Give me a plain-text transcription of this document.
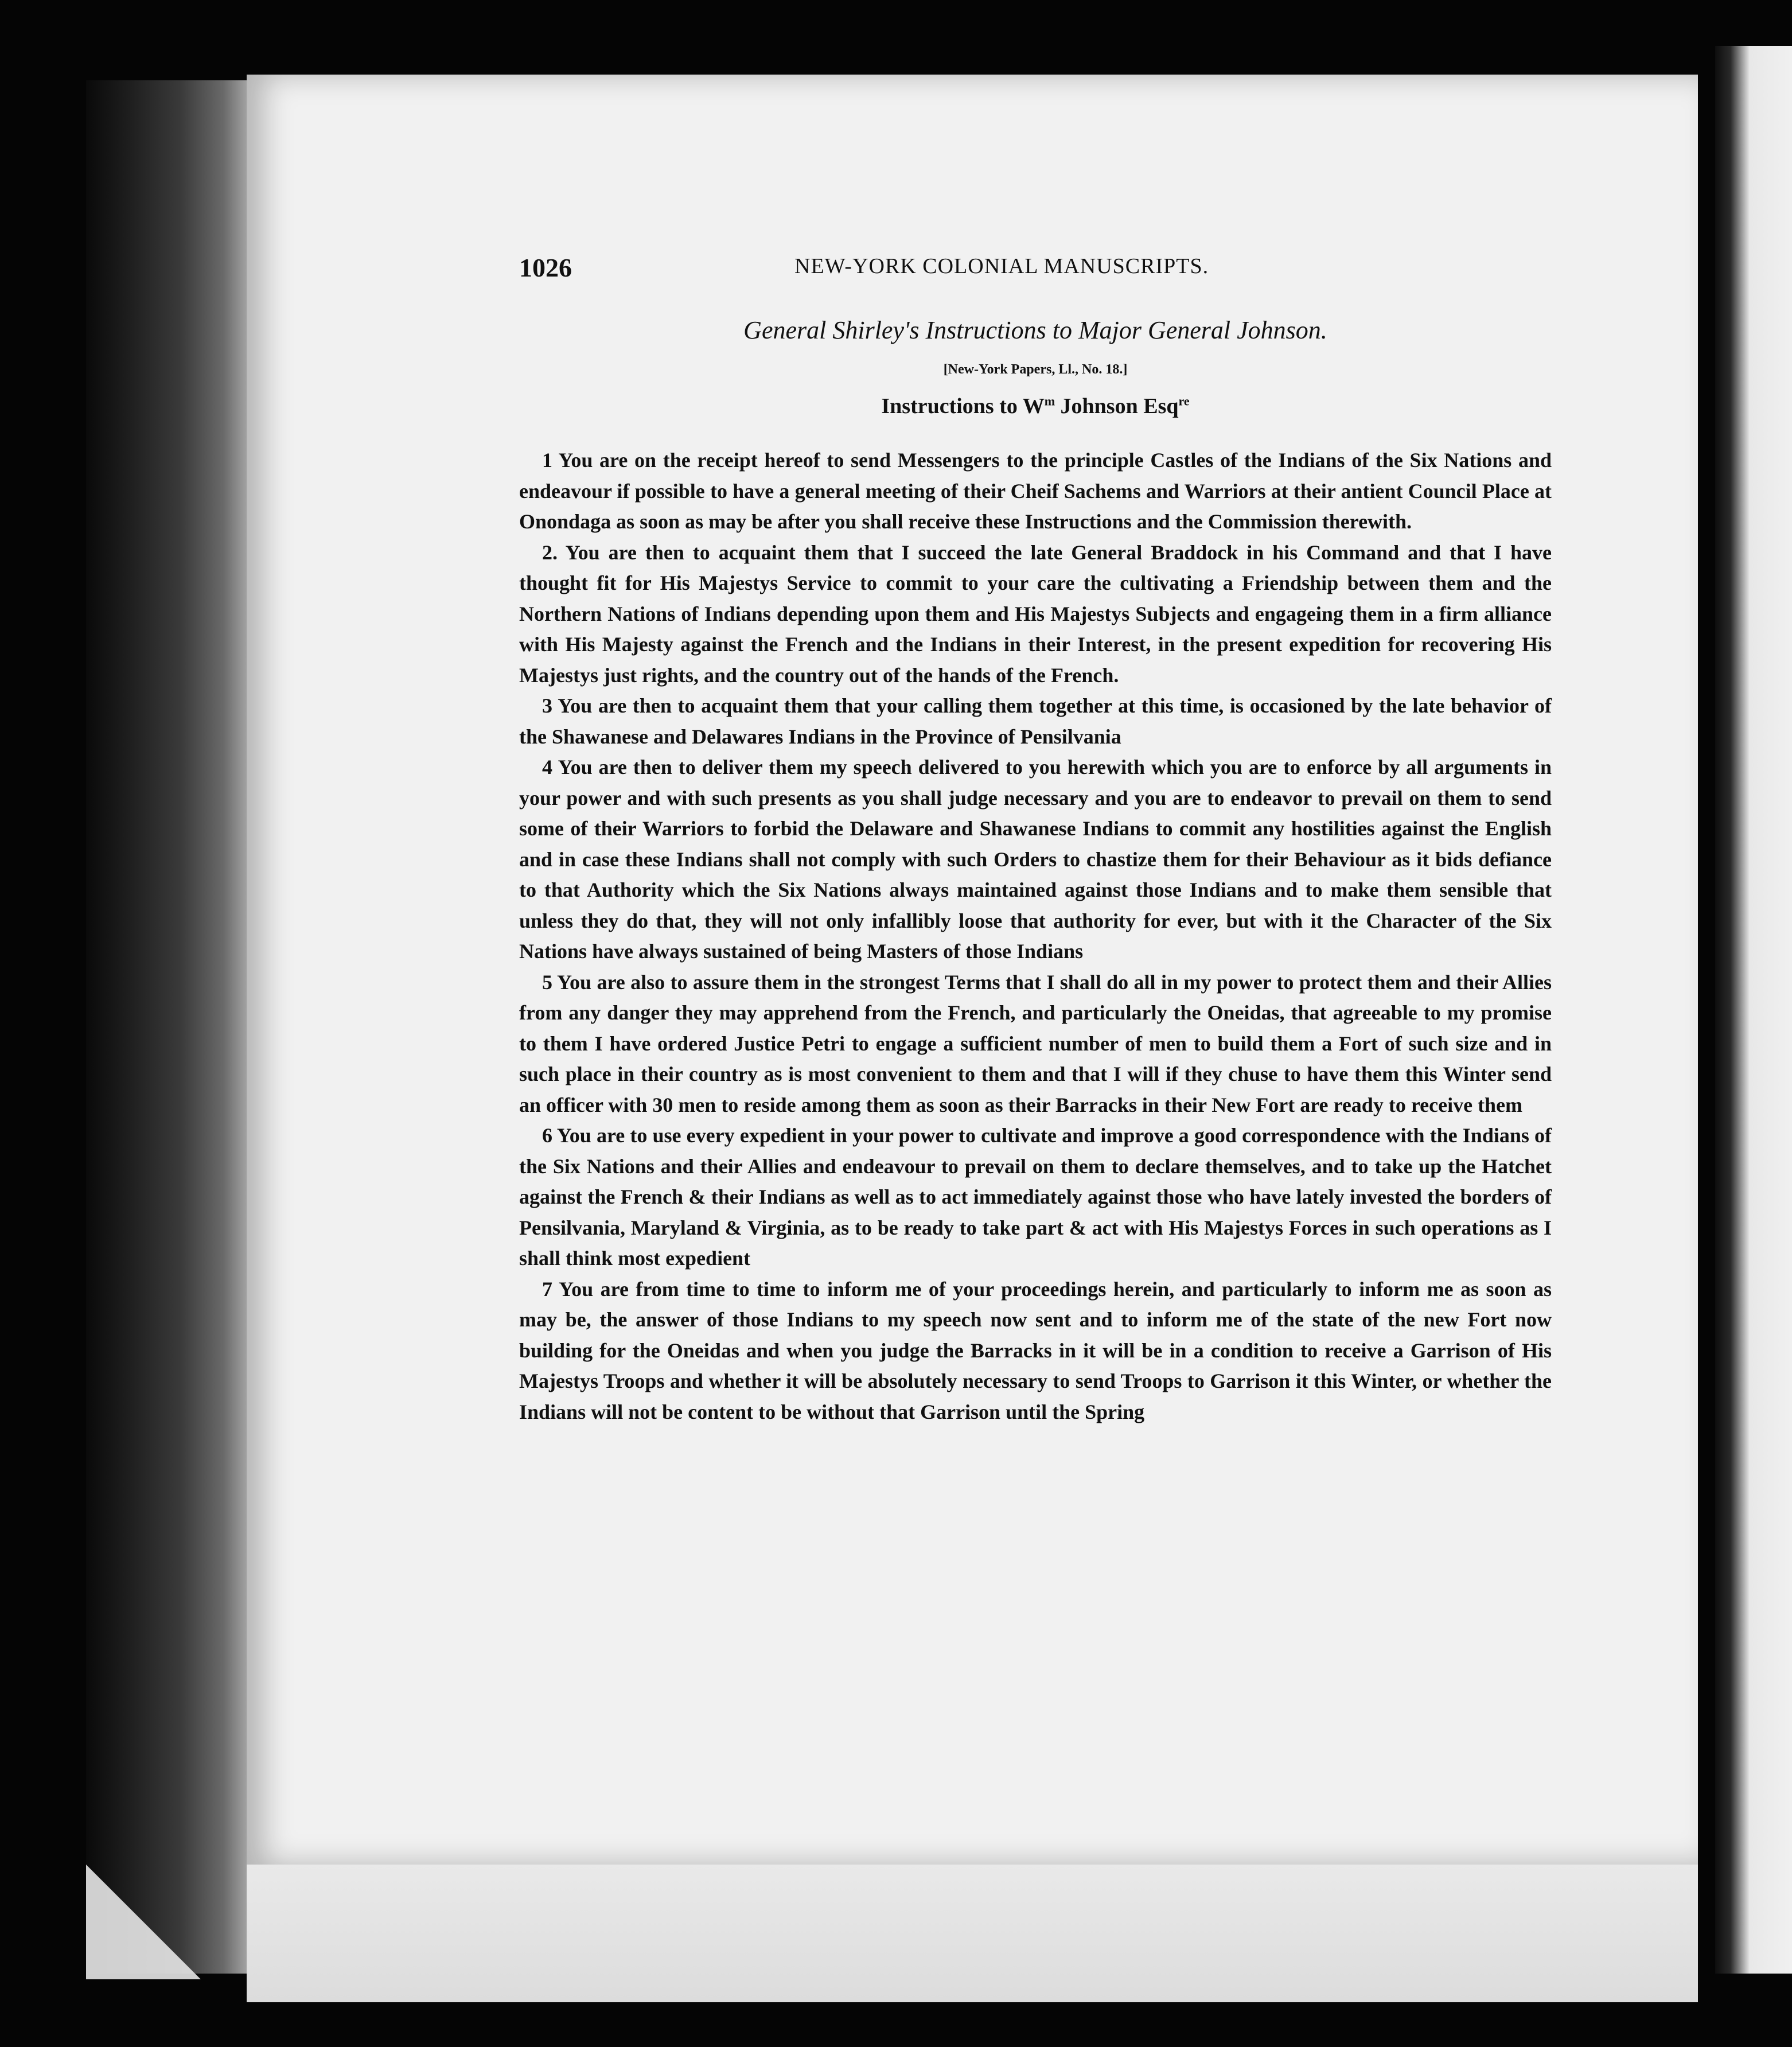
1026	NEW-YORK COLONIAL MANUSCRIPTS.
General Shirley's Instructions to Major General Johnson.
[New-York Papers, Ll., No. 18.]
Instructions to $W^m$ Johnson Esq$^{re}$

1 You are on the receipt hereof to send Messengers to the principle Castles of the Indians of the Six Nations and endeavour if possible to have a general meeting of their Cheif Sachems and Warriors at their antient Council Place at Onondaga as soon as may be after you shall receive these Instructions and the Commission therewith.

2. You are then to acquaint them that I succeed the late General Braddock in his Command and that I have thought fit for His Majestys Service to commit to your care the cultivating a Friendship between them and the Northern Nations of Indians depending upon them and His Majestys Subjects and engageing them in a firm alliance with His Majesty against the French and the Indians in their Interest, in the present expedition for recovering His Majestys just rights, and the country out of the hands of the French.

3 You are then to acquaint them that your calling them together at this time, is occasioned by the late behavior of the Shawanese and Delawares Indians in the Province of Pensilvania

4 You are then to deliver them my speech delivered to you herewith which you are to enforce by all arguments in your power and with such presents as you shall judge necessary and you are to endeavor to prevail on them to send some of their Warriors to forbid the Delaware and Shawanese Indians to commit any hostilities against the English and in case these Indians shall not comply with such Orders to chastize them for their Behaviour as it bids defiance to that Authority which the Six Nations always maintained against those Indians and to make them sensible that unless they do that, they will not only infallibly loose that authority for ever, but with it the Character of the Six Nations have always sustained of being Masters of those Indians

5 You are also to assure them in the strongest Terms that I shall do all in my power to protect them and their Allies from any danger they may apprehend from the French, and particularly the Oneidas, that agreeable to my promise to them I have ordered Justice Petri to engage a sufficient number of men to build them a Fort of such size and in such place in their country as is most convenient to them and that I will if they chuse to have them this Winter send an officer with 30 men to reside among them as soon as their Barracks in their New Fort are ready to receive them

6 You are to use every expedient in your power to cultivate and improve a good correspondence with the Indians of the Six Nations and their Allies and endeavour to prevail on them to declare themselves, and to take up the Hatchet against the French & their Indians as well as to act immediately against those who have lately invested the borders of Pensilvania, Maryland & Virginia, as to be ready to take part & act with His Majestys Forces in such operations as I shall think most expedient

7 You are from time to time to inform me of your proceedings herein, and particularly to inform me as soon as may be, the answer of those Indians to my speech now sent and to inform me of the state of the new Fort now building for the Oneidas and when you judge the Barracks in it will be in a condition to receive a Garrison of His Majestys Troops and whether it will be absolutely necessary to send Troops to Garrison it this Winter, or whether the Indians will not be content to be without that Garrison until the Spring
